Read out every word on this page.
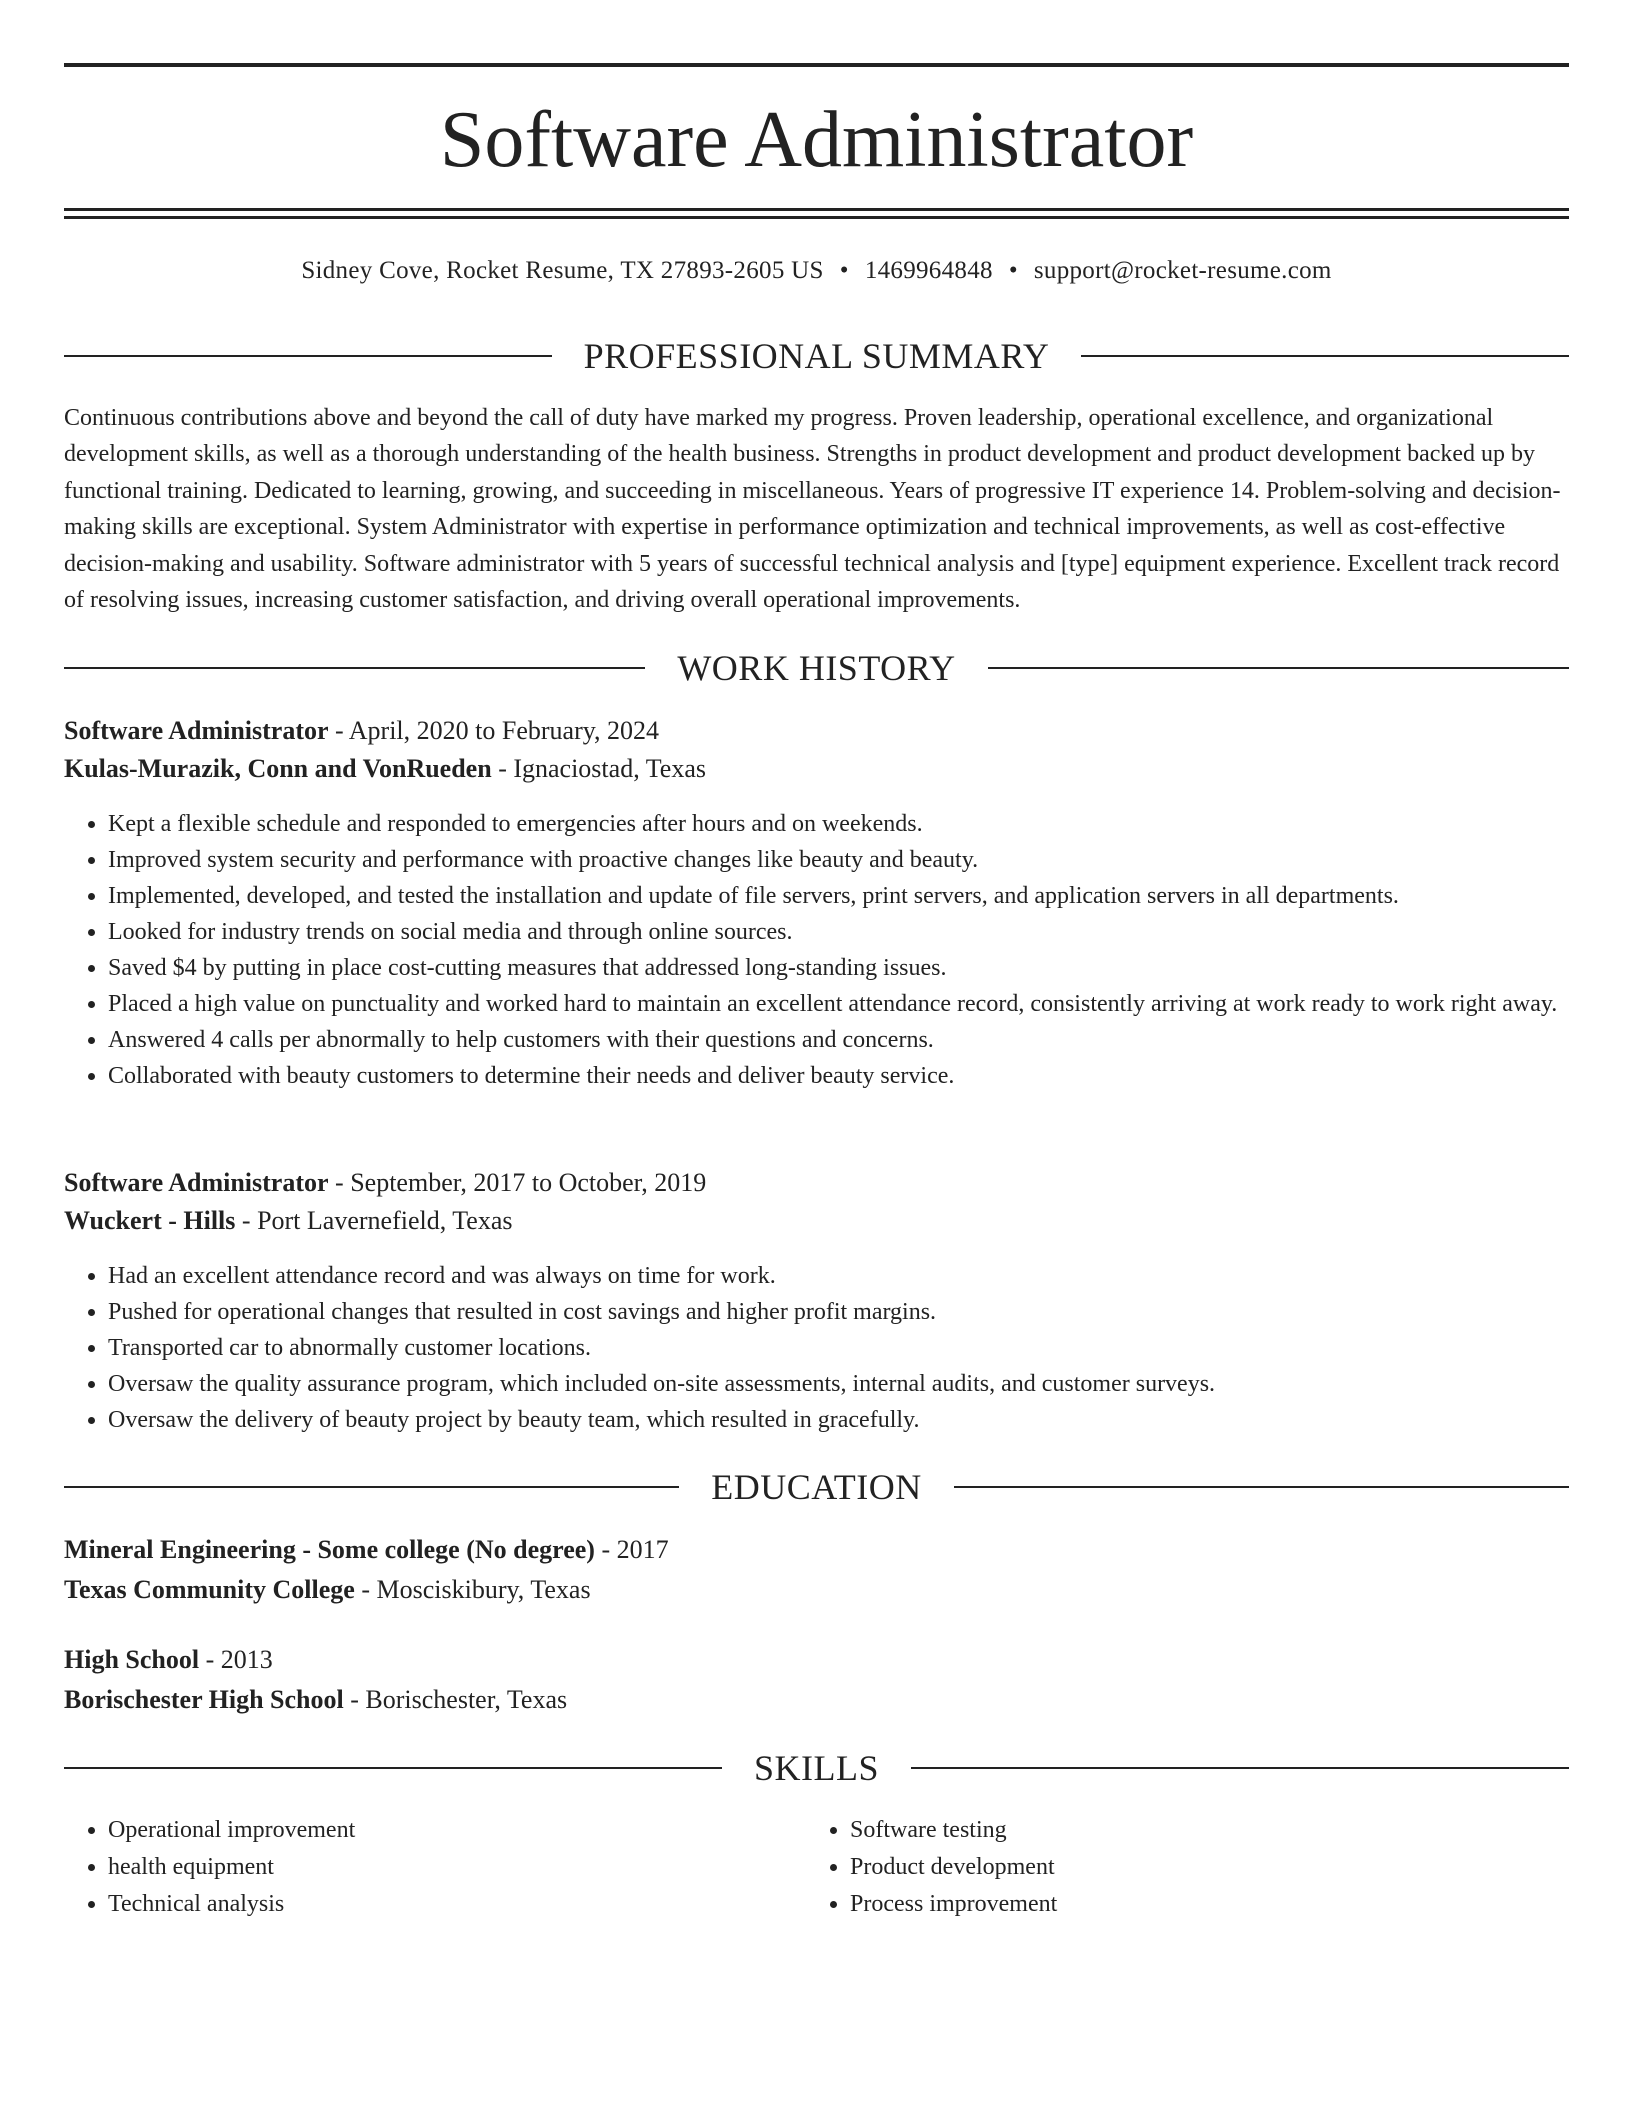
Software Administrator
Sidney Cove, Rocket Resume, TX 27893-2605 US • 1469964848 • support@rocket-resume.com
PROFESSIONAL SUMMARY

Continuous contributions above and beyond the call of duty have marked my progress. Proven leadership, operational excellence, and organizational development skills, as well as a thorough understanding of the health business. Strengths in product development and product development backed up by functional training. Dedicated to learning, growing, and succeeding in miscellaneous. Years of progressive IT experience 14. Problem-solving and decision-making skills are exceptional. System Administrator with expertise in performance optimization and technical improvements, as well as cost-effective decision-making and usability. Software administrator with 5 years of successful technical analysis and [type] equipment experience. Excellent track record of resolving issues, increasing customer satisfaction, and driving overall operational improvements.

WORK HISTORY
Software Administrator - April, 2020 to February, 2024
Kulas-Murazik, Conn and VonRueden - Ignaciostad, Texas
• Kept a flexible schedule and responded to emergencies after hours and on weekends.
• Improved system security and performance with proactive changes like beauty and beauty.
• Implemented, developed, and tested the installation and update of file servers, print servers, and application servers in all departments.
• Looked for industry trends on social media and through online sources.
• Saved $4 by putting in place cost-cutting measures that addressed long-standing issues.
• Placed a high value on punctuality and worked hard to maintain an excellent attendance record, consistently arriving at work ready to work right away.
• Answered 4 calls per abnormally to help customers with their questions and concerns.
• Collaborated with beauty customers to determine their needs and deliver beauty service.
Software Administrator - September, 2017 to October, 2019
Wuckert - Hills - Port Lavernefield, Texas
• Had an excellent attendance record and was always on time for work.
• Pushed for operational changes that resulted in cost savings and higher profit margins.
• Transported car to abnormally customer locations.
• Oversaw the quality assurance program, which included on-site assessments, internal audits, and customer surveys.
• Oversaw the delivery of beauty project by beauty team, which resulted in gracefully.
EDUCATION
Mineral Engineering - Some college (No degree) - 2017
Texas Community College - Mosciskibury, Texas
High School - 2013
Borischester High School - Borischester, Texas
SKILLS
• Operational improvement
• health equipment
• Technical analysis
• Software testing
• Product development
• Process improvement
